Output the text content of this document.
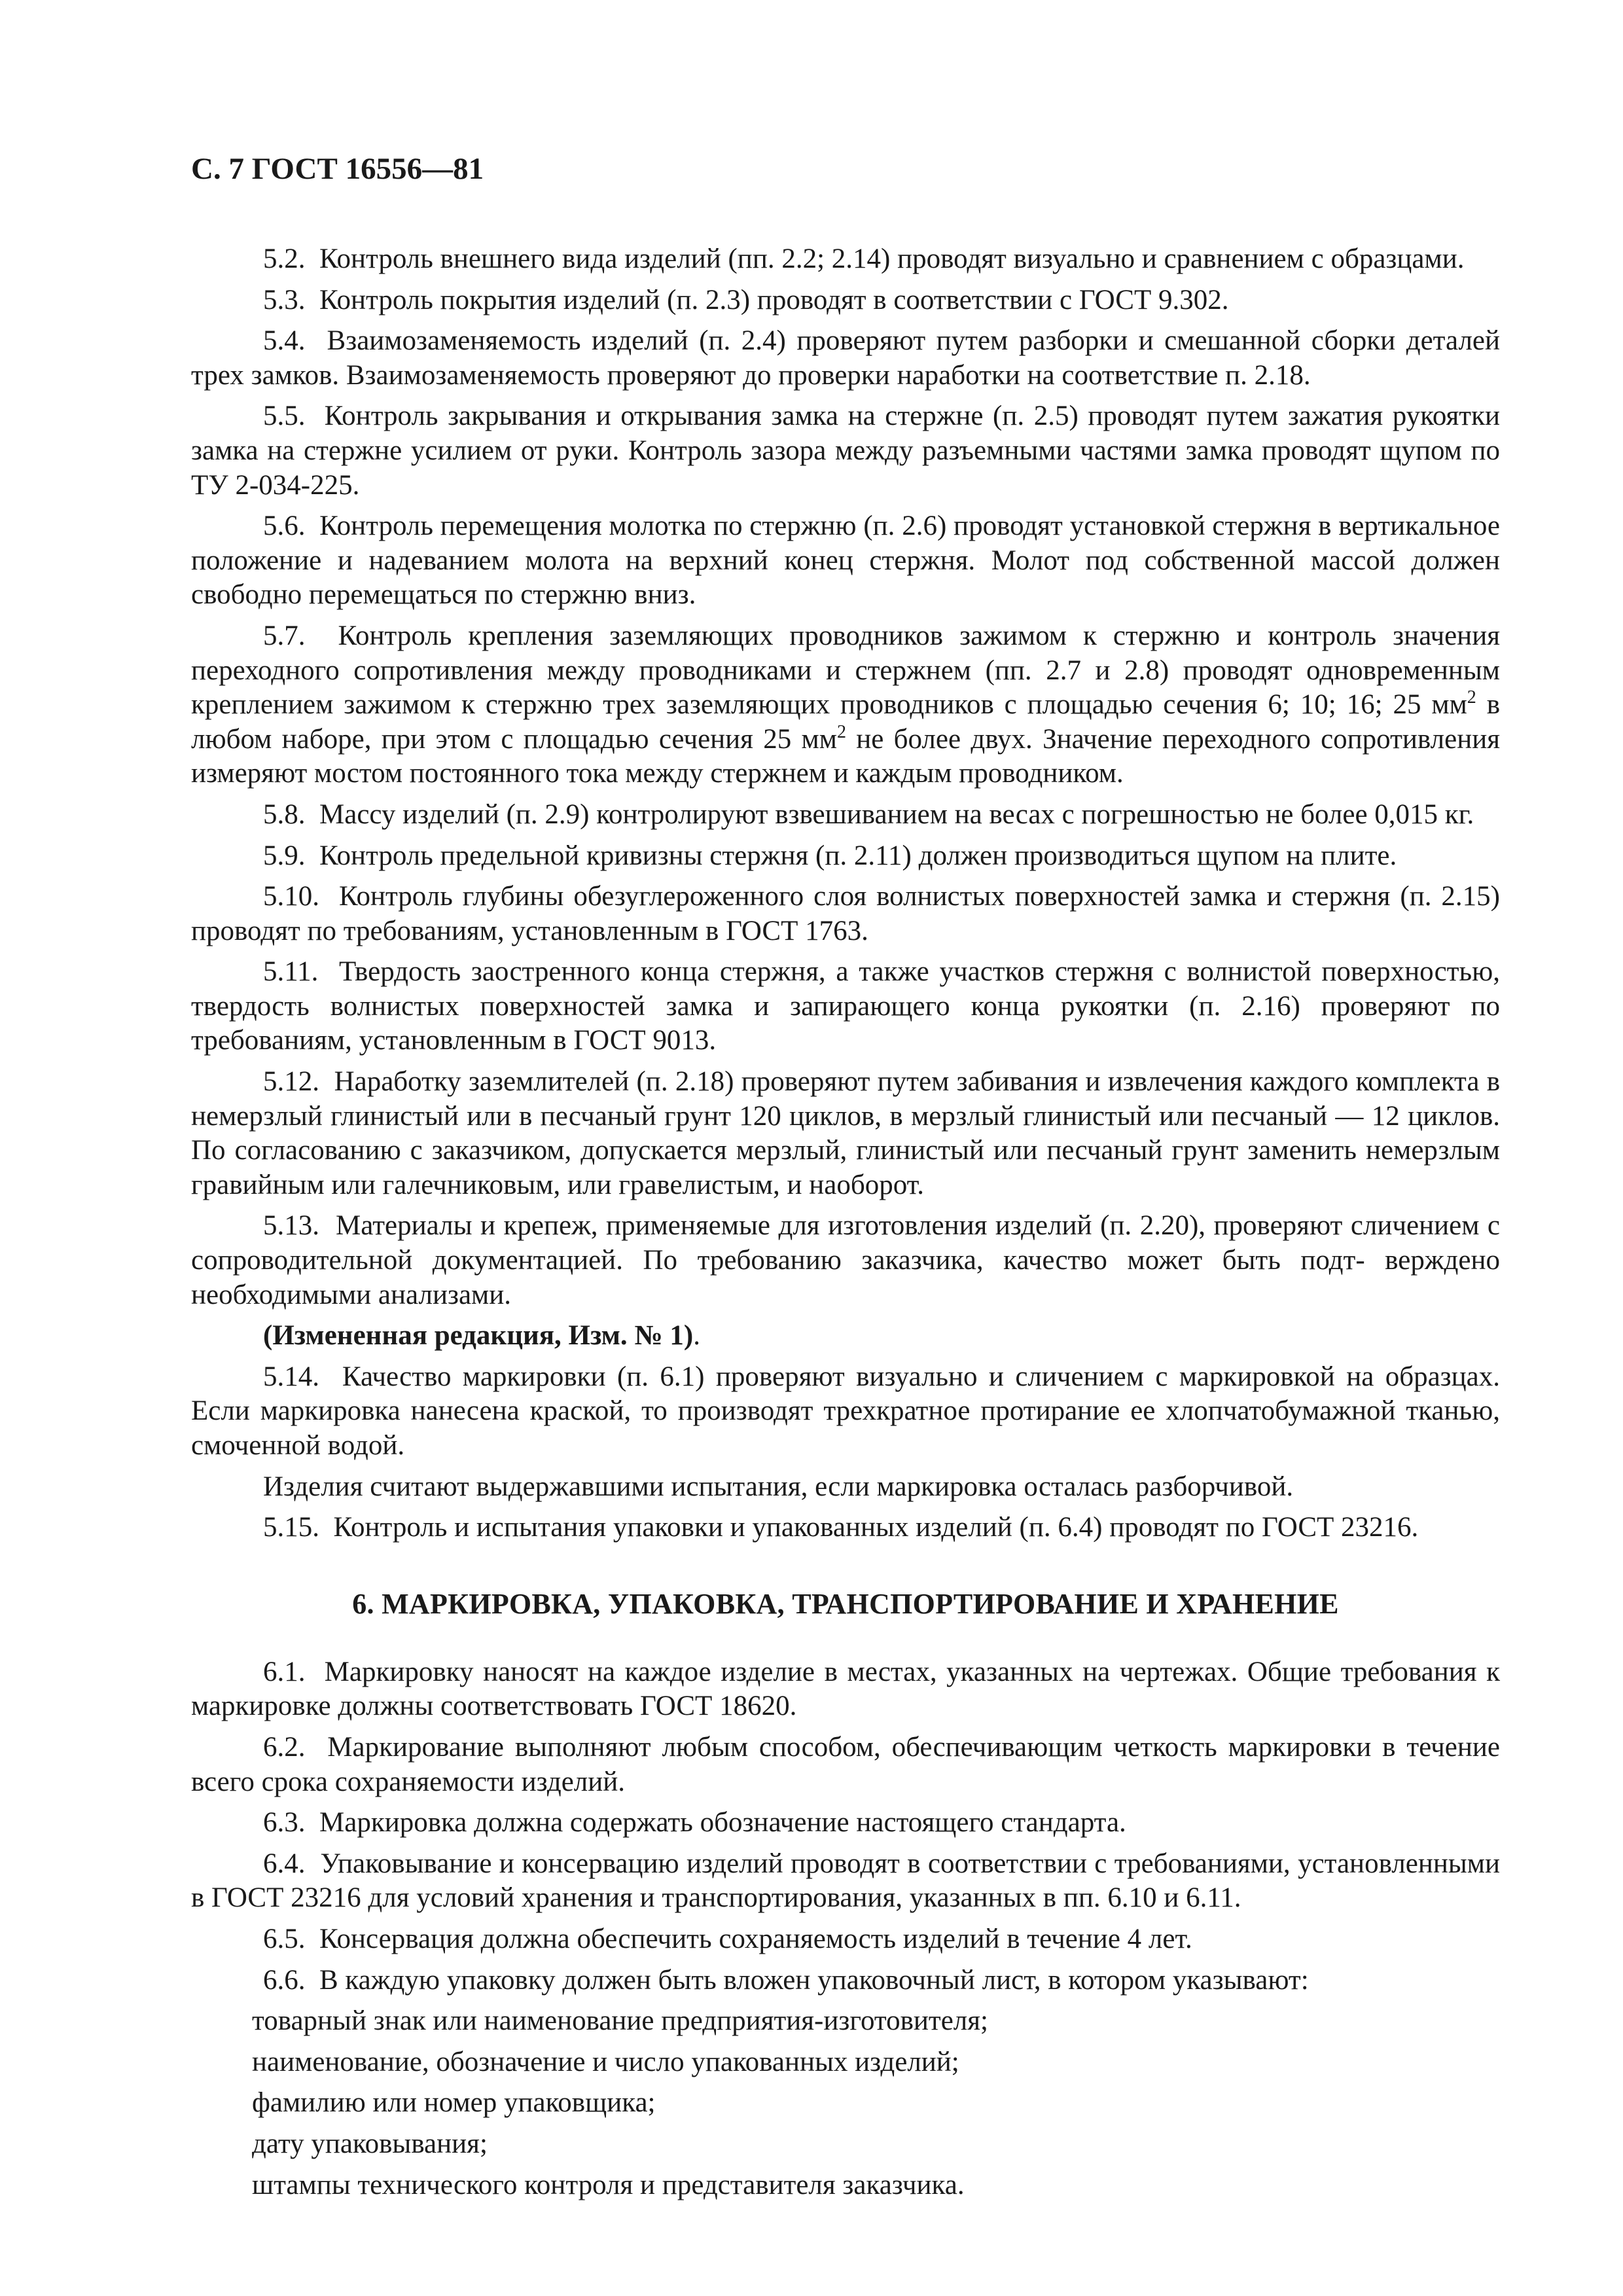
С. 7 ГОСТ 16556—81

5.2. Контроль внешнего вида изделий (пп. 2.2; 2.14) проводят визуально и сравнением с образцами.

5.3. Контроль покрытия изделий (п. 2.3) проводят в соответствии с ГОСТ 9.302.

5.4. Взаимозаменяемость изделий (п. 2.4) проверяют путем разборки и смешанной сборки деталей трех замков. Взаимозаменяемость проверяют до проверки наработки на соответствие п. 2.18.

5.5. Контроль закрывания и открывания замка на стержне (п. 2.5) проводят путем зажатия рукоятки замка на стержне усилием от руки. Контроль зазора между разъемными частями замка проводят щупом по ТУ 2-034-225.

5.6. Контроль перемещения молотка по стержню (п. 2.6) проводят установкой стержня в вертикальное положение и надеванием молота на верхний конец стержня. Молот под собственной массой должен свободно перемещаться по стержню вниз.

5.7. Контроль крепления заземляющих проводников зажимом к стержню и контроль значения переходного сопротивления между проводниками и стержнем (пп. 2.7 и 2.8) проводят одновременным креплением зажимом к стержню трех заземляющих проводников с площадью сечения 6; 10; 16; 25 $мм^2$ в любом наборе, при этом с площадью сечения 25 $мм^2$ не более двух. Значение переходного сопротивления измеряют мостом постоянного тока между стержнем и каждым проводником.

5.8. Массу изделий (п. 2.9) контролируют взвешиванием на весах с погрешностью не более 0,015 кг.

5.9. Контроль предельной кривизны стержня (п. 2.11) должен производиться щупом на плите.

5.10. Контроль глубины обезуглероженного слоя волнистых поверхностей замка и стержня (п. 2.15) проводят по требованиям, установленным в ГОСТ 1763.

5.11. Твердость заостренного конца стержня, а также участков стержня с волнистой поверхностью, твердость волнистых поверхностей замка и запирающего конца рукоятки (п. 2.16) проверяют по требованиям, установленным в ГОСТ 9013.

5.12. Наработку заземлителей (п. 2.18) проверяют путем забивания и извлечения каждого комплекта в немерзлый глинистый или в песчаный грунт 120 циклов, в мерзлый глинистый или песчаный — 12 циклов. По согласованию с заказчиком, допускается мерзлый, глинистый или песчаный грунт заменить немерзлым гравийным или галечниковым, или гравелистым, и наоборот.

5.13. Материалы и крепеж, применяемые для изготовления изделий (п. 2.20), проверяют сличением с сопроводительной документацией. По требованию заказчика, качество может быть подт- верждено необходимыми анализами.

(Измененная редакция, Изм. № 1).

5.14. Качество маркировки (п. 6.1) проверяют визуально и сличением с маркировкой на образцах. Если маркировка нанесена краской, то производят трехкратное протирание ее хлопчатобумажной тканью, смоченной водой.

Изделия считают выдержавшими испытания, если маркировка осталась разборчивой.

5.15. Контроль и испытания упаковки и упакованных изделий (п. 6.4) проводят по ГОСТ 23216.

6. МАРКИРОВКА, УПАКОВКА, ТРАНСПОРТИРОВАНИЕ И ХРАНЕНИЕ

6.1. Маркировку наносят на каждое изделие в местах, указанных на чертежах. Общие требования к маркировке должны соответствовать ГОСТ 18620.

6.2. Маркирование выполняют любым способом, обеспечивающим четкость маркировки в течение всего срока сохраняемости изделий.

6.3. Маркировка должна содержать обозначение настоящего стандарта.

6.4. Упаковывание и консервацию изделий проводят в соответствии с требованиями, установленными в ГОСТ 23216 для условий хранения и транспортирования, указанных в пп. 6.10 и 6.11.

6.5. Консервация должна обеспечить сохраняемость изделий в течение 4 лет.

6.6. В каждую упаковку должен быть вложен упаковочный лист, в котором указывают:

товарный знак или наименование предприятия-изготовителя;
наименование, обозначение и число упакованных изделий;
фамилию или номер упаковщика;
дату упаковывания;
штампы технического контроля и представителя заказчика.
